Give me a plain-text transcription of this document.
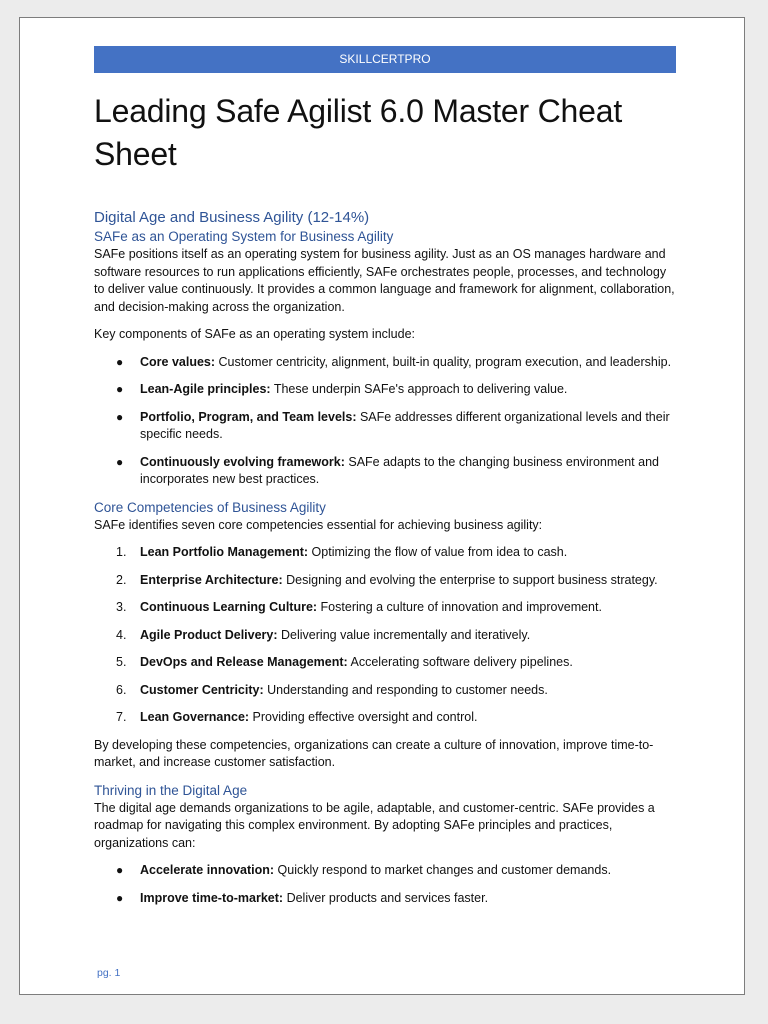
SKILLCERTPRO
Leading Safe Agilist 6.0 Master Cheat Sheet
Digital Age and Business Agility (12-14%)
SAFe as an Operating System for Business Agility

SAFe positions itself as an operating system for business agility. Just as an OS manages hardware and software resources to run applications efficiently, SAFe orchestrates people, processes, and technology to deliver value continuously. It provides a common language and framework for alignment, collaboration, and decision-making across the organization.

Key components of SAFe as an operating system include:

● Core values: Customer centricity, alignment, built-in quality, program execution, and leadership.
● Lean-Agile principles: These underpin SAFe's approach to delivering value.
● Portfolio, Program, and Team levels: SAFe addresses different organizational levels and their specific needs.
● Continuously evolving framework: SAFe adapts to the changing business environment and incorporates new best practices.
Core Competencies of Business Agility

SAFe identifies seven core competencies essential for achieving business agility:

1. Lean Portfolio Management: Optimizing the flow of value from idea to cash.
2. Enterprise Architecture: Designing and evolving the enterprise to support business strategy.
3. Continuous Learning Culture: Fostering a culture of innovation and improvement.
4. Agile Product Delivery: Delivering value incrementally and iteratively.
5. DevOps and Release Management: Accelerating software delivery pipelines.
6. Customer Centricity: Understanding and responding to customer needs.
7. Lean Governance: Providing effective oversight and control.

By developing these competencies, organizations can create a culture of innovation, improve time-to-market, and increase customer satisfaction.

Thriving in the Digital Age

The digital age demands organizations to be agile, adaptable, and customer-centric. SAFe provides a roadmap for navigating this complex environment. By adopting SAFe principles and practices, organizations can:

● Accelerate innovation: Quickly respond to market changes and customer demands.
● Improve time-to-market: Deliver products and services faster.
pg. 1
